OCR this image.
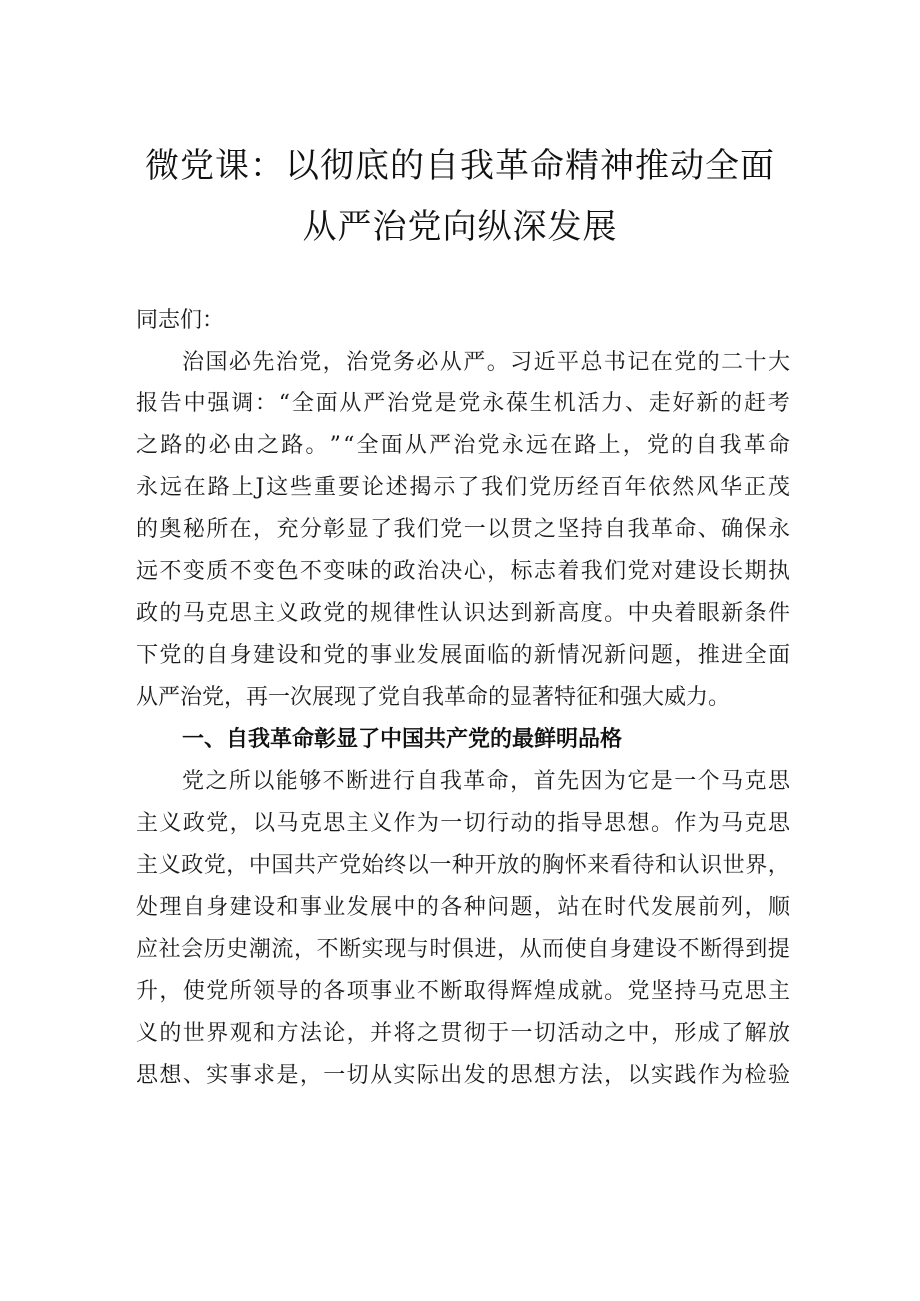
微党课：以彻底的自我革命精神推动全面
从严治党向纵深发展
同志们：
治 国 必 先 治 党 ， 治 党 务 必 从 严 。 习 近 平 总 书 记 在 党 的 二 十 大
报 告 中 强 调 ： “ 全 面 从 严 治 党 是 党 永 葆 生 机 活 力 、 走 好 新 的 赶 考
之 路 的 必 由 之 路 。 ” “ 全 面 从 严 治 党 永 远 在 路 上 ， 党 的 自 我 革 命
永 远 在 路 上 J 这 些 重 要 论 述 揭 示 了 我 们 党 历 经 百 年 依 然 风 华 正 茂
的 奥 秘 所 在 ， 充 分 彰 显 了 我 们 党 一 以 贯 之 坚 持 自 我 革 命 、 确 保 永
远 不 变 质 不 变 色 不 变 味 的 政 治 决 心 ， 标 志 着 我 们 党 对 建 设 长 期 执
政 的 马 克 思 主 义 政 党 的 规 律 性 认 识 达 到 新 高 度 。 中 央 着 眼 新 条 件
下 党 的 自 身 建 设 和 党 的 事 业 发 展 面 临 的 新 情 况 新 问 题 ， 推 进 全 面
从严治党，再一次展现了党自我革命的显著特征和强大威力。
一、自我革命彰显了中国共产党的最鲜明品格
党 之 所 以 能 够 不 断 进 行 自 我 革 命 ， 首 先 因 为 它 是 一 个 马 克 思
主 义 政 党 ， 以 马 克 思 主 义 作 为 一 切 行 动 的 指 导 思 想 。 作 为 马 克 思
主 义 政 党 ， 中 国 共 产 党 始 终 以 一 种 开 放 的 胸 怀 来 看 待 和 认 识 世 界 ，
处 理 自 身 建 设 和 事 业 发 展 中 的 各 种 问 题 ， 站 在 时 代 发 展 前 列 ， 顺
应 社 会 历 史 潮 流 ， 不 断 实 现 与 时 俱 进 ， 从 而 使 自 身 建 设 不 断 得 到 提
升 ， 使 党 所 领 导 的 各 项 事 业 不 断 取 得 辉 煌 成 就 。 党 坚 持 马 克 思 主
义 的 世 界 观 和 方 法 论 ， 并 将 之 贯 彻 于 一 切 活 动 之 中 ， 形 成 了 解 放
思 想 、 实 事 求 是 ， 一 切 从 实 际 出 发 的 思 想 方 法 ， 以 实 践 作 为 检 验
